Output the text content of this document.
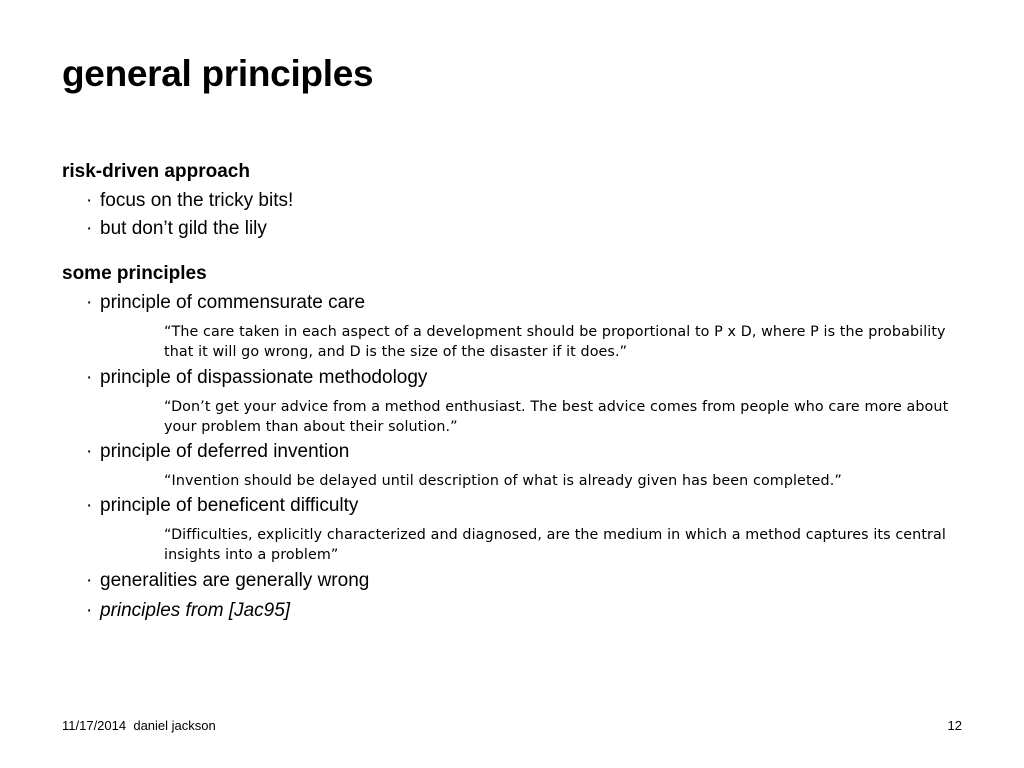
general principles
risk-driven approach
· focus on the tricky bits!
· but don’t gild the lily
some principles
· principle of commensurate care

“The care taken in each aspect of a development should be proportional to P x D, where P is the probability that it will go wrong, and D is the size of the disaster if it does.”

· principle of dispassionate methodology

“Don’t get your advice from a method enthusiast. The best advice comes from people who care more about your problem than about their solution.”

· principle of deferred invention

“Invention should be delayed until description of what is already given has been completed.”

· principle of beneficent difficulty

“Difficulties, explicitly characterized and diagnosed, are the medium in which a method captures its central insights into a problem”

· generalities are generally wrong
· principles from [Jac95]
11/17/2014 daniel jackson	12
